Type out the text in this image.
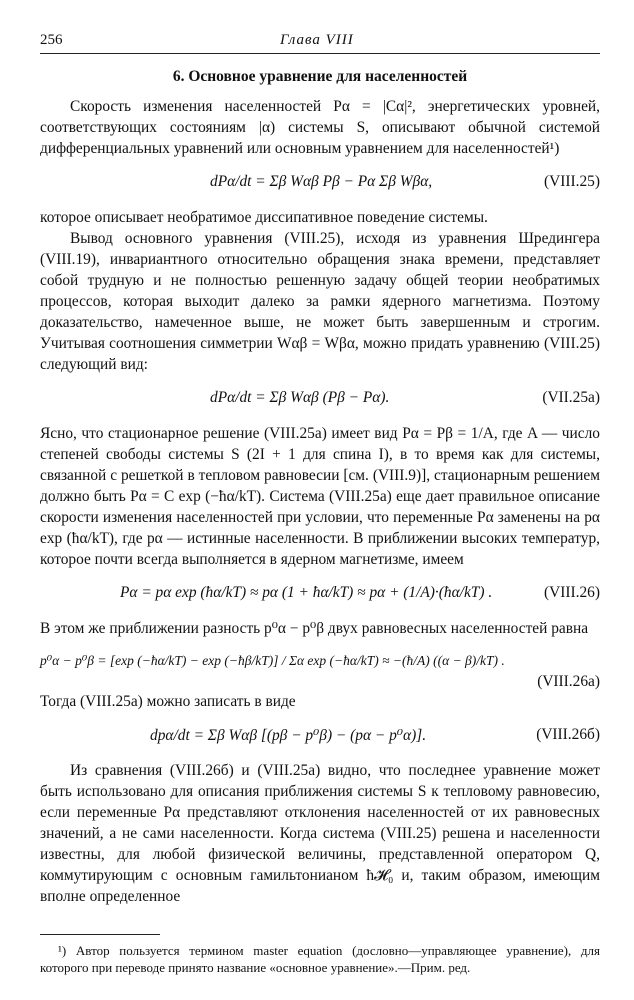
256	Глава VIII
6. Основное уравнение для населенностей

Скорость изменения населенностей Pα = |Cα|², энергетических уровней, соответствующих состояниям |α) системы S, описывают обычной системой дифференциальных уравнений или основным уравнением для населенностей¹)

dPα/dt = Σβ Wαβ Pβ − Pα Σβ Wβα,	(VIII.25)

которое описывает необратимое диссипативное поведение системы.

Вывод основного уравнения (VIII.25), исходя из уравнения Шредингера (VIII.19), инвариантного относительно обращения знака времени, представляет собой трудную и не полностью решенную задачу общей теории необратимых процессов, которая выходит далеко за рамки ядерного магнетизма. Поэтому доказательство, намеченное выше, не может быть завершенным и строгим. Учитывая соотношения симметрии Wαβ = Wβα, можно придать уравнению (VIII.25) следующий вид:

dPα/dt = Σβ Wαβ (Pβ − Pα).	(VII.25а)

Ясно, что стационарное решение (VIII.25а) имеет вид Pα = Pβ = 1/A, где A — число степеней свободы системы S (2I + 1 для спина I), в то время как для системы, связанной с решеткой в тепловом равновесии [см. (VIII.9)], стационарным решением должно быть Pα = C exp (−ħα/kT). Система (VIII.25а) еще дает правильное описание скорости изменения населенностей при условии, что переменные Pα заменены на pα exp (ħα/kT), где pα — истинные населенности. В приближении высоких температур, которое почти всегда выполняется в ядерном магнетизме, имеем

Pα = pα exp (ħα/kT) ≈ pα (1 + ħα/kT) ≈ pα + (1/A)·(ħα/kT) .	(VIII.26)

В этом же приближении разность p⁰α − p⁰β двух равновесных населенностей равна

p⁰α − p⁰β = [exp (−ħα/kT) − exp (−ħβ/kT)] / Σα exp (−ħα/kT) ≈ −(ħ/A) ((α − β)/kT) .
(VIII.26а)

Тогда (VIII.25а) можно записать в виде

dpα/dt = Σβ Wαβ [(pβ − p⁰β) − (pα − p⁰α)].	(VIII.26б)

Из сравнения (VIII.26б) и (VIII.25а) видно, что последнее уравнение может быть использовано для описания приближения системы S к тепловому равновесию, если переменные Pα представляют отклонения населенностей от их равновесных значений, а не сами населенности. Когда система (VIII.25) решена и населенности известны, для любой физической величины, представленной оператором Q, коммутирующим с основным гамильтонианом ħ𝓗₀ и, таким образом, имеющим вполне определенное

¹) Автор пользуется термином master equation (дословно—управляющее уравнение), для которого при переводе принято название «основное уравнение».—Прим. ред.
